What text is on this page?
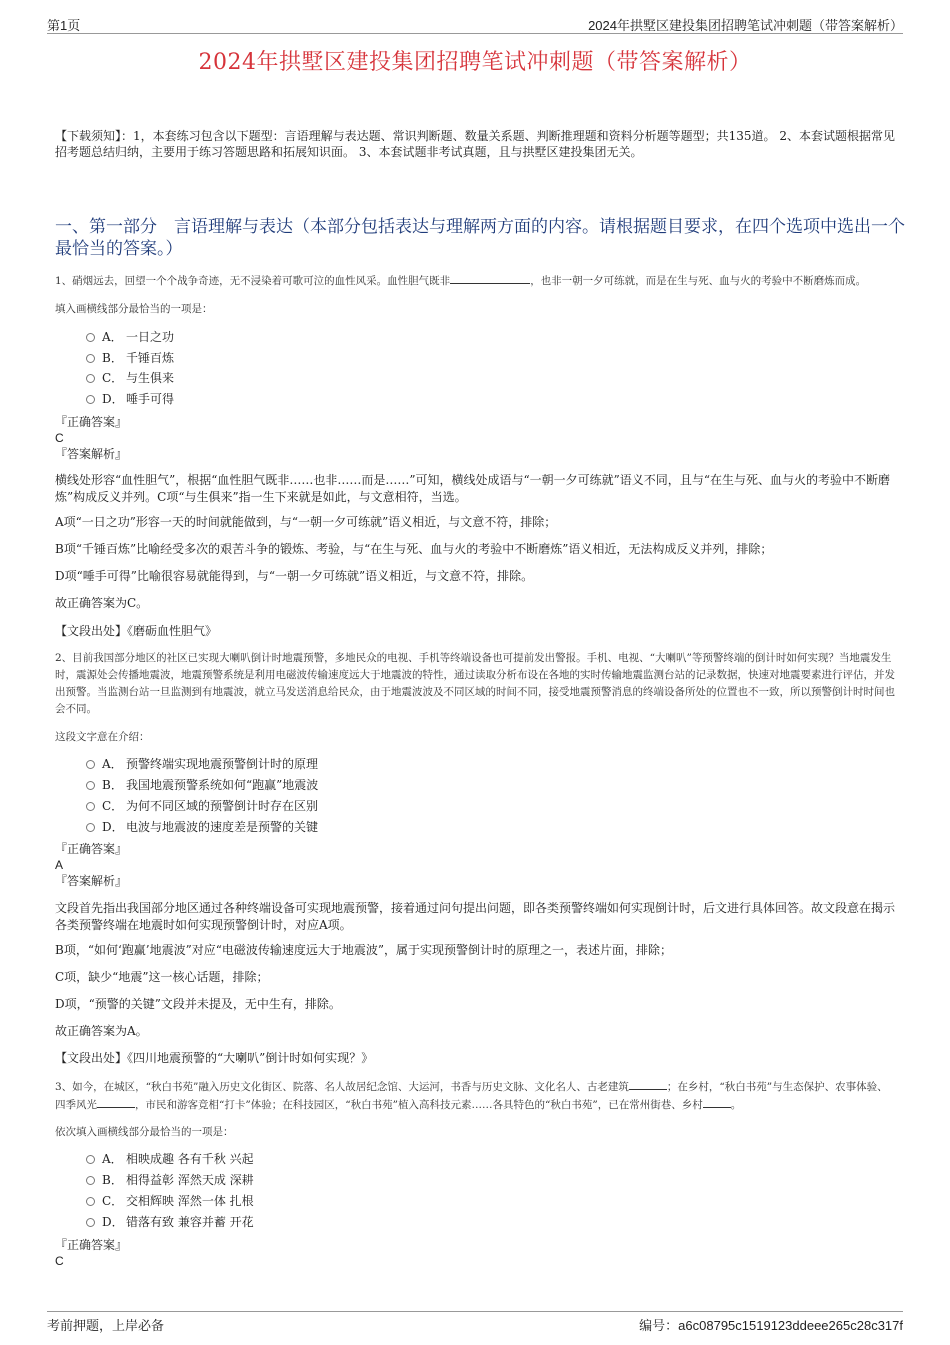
第1页	2024年拱墅区建投集团招聘笔试冲刺题（带答案解析）
2024年拱墅区建投集团招聘笔试冲刺题（带答案解析）
【下载须知】：1，本套练习包含以下题型：言语理解与表达题、常识判断题、数量关系题、判断推理题和资料分析题等题型；共135道。 2、本套试题根据常见招考题总结归纳，主要用于练习答题思路和拓展知识面。 3、本套试题非考试真题，且与拱墅区建投集团无关。
一、第一部分　言语理解与表达（本部分包括表达与理解两方面的内容。请根据题目要求，在四个选项中选出一个最恰当的答案。）
1、硝烟远去，回望一个个战争奇迹，无不浸染着可歌可泣的血性风采。血性胆气既非	，也非一朝一夕可练就，而是在生与死、血与火的考验中不断磨炼而成。
填入画横线部分最恰当的一项是：
A． 一日之功
B． 千锤百炼
C． 与生俱来
D． 唾手可得
『正确答案』
C
『答案解析』
横线处形容“血性胆气”，根据“血性胆气既非……也非……而是……”可知，横线处成语与“一朝一夕可练就”语义不同，且与“在生与死、血与火的考验中不断磨炼”构成反义并列。C项“与生俱来”指一生下来就是如此，与文意相符，当选。
A项“一日之功”形容一天的时间就能做到，与“一朝一夕可练就”语义相近，与文意不符，排除；
B项“千锤百炼”比喻经受多次的艰苦斗争的锻炼、考验，与“在生与死、血与火的考验中不断磨炼”语义相近，无法构成反义并列，排除；
D项“唾手可得”比喻很容易就能得到，与“一朝一夕可练就”语义相近，与文意不符，排除。
故正确答案为C。
【文段出处】《磨砺血性胆气》
2、目前我国部分地区的社区已实现大喇叭倒计时地震预警，多地民众的电视、手机等终端设备也可提前发出警报。手机、电视、“大喇叭”等预警终端的倒计时如何实现？当地震发生时，震源处会传播地震波，地震预警系统是利用电磁波传输速度远大于地震波的特性，通过读取分析布设在各地的实时传输地震监测台站的记录数据，快速对地震要素进行评估，并发出预警。当监测台站一旦监测到有地震波，就立马发送消息给民众，由于地震波波及不同区域的时间不同，接受地震预警消息的终端设备所处的位置也不一致，所以预警倒计时时间也会不同。
这段文字意在介绍：
A． 预警终端实现地震预警倒计时的原理
B． 我国地震预警系统如何“跑赢”地震波
C． 为何不同区域的预警倒计时存在区别
D． 电波与地震波的速度差是预警的关键
『正确答案』
A
『答案解析』
文段首先指出我国部分地区通过各种终端设备可实现地震预警，接着通过问句提出问题，即各类预警终端如何实现倒计时，后文进行具体回答。故文段意在揭示各类预警终端在地震时如何实现预警倒计时，对应A项。
B项，“如何‘跑赢’地震波”对应“电磁波传输速度远大于地震波”，属于实现预警倒计时的原理之一，表述片面，排除；
C项，缺少“地震”这一核心话题，排除；
D项，“预警的关键”文段并未提及，无中生有，排除。
故正确答案为A。
【文段出处】《四川地震预警的“大喇叭”倒计时如何实现？》
3、如今，在城区，“秋白书苑”融入历史文化街区、院落、名人故居纪念馆、大运河，书香与历史文脉、文化名人、古老建筑	；在乡村，“秋白书苑”与生态保护、农事体验、四季风光	，市民和游客竞相“打卡”体验；在科技园区，“秋白书苑”植入高科技元素……各具特色的“秋白书苑”，已在常州街巷、乡村	。
依次填入画横线部分最恰当的一项是：
A． 相映成趣 各有千秋 兴起
B． 相得益彰 浑然天成 深耕
C． 交相辉映 浑然一体 扎根
D． 错落有致 兼容并蓄 开花
『正确答案』
C
考前押题，上岸必备	编号：a6c08795c1519123ddeee265c28c317f
